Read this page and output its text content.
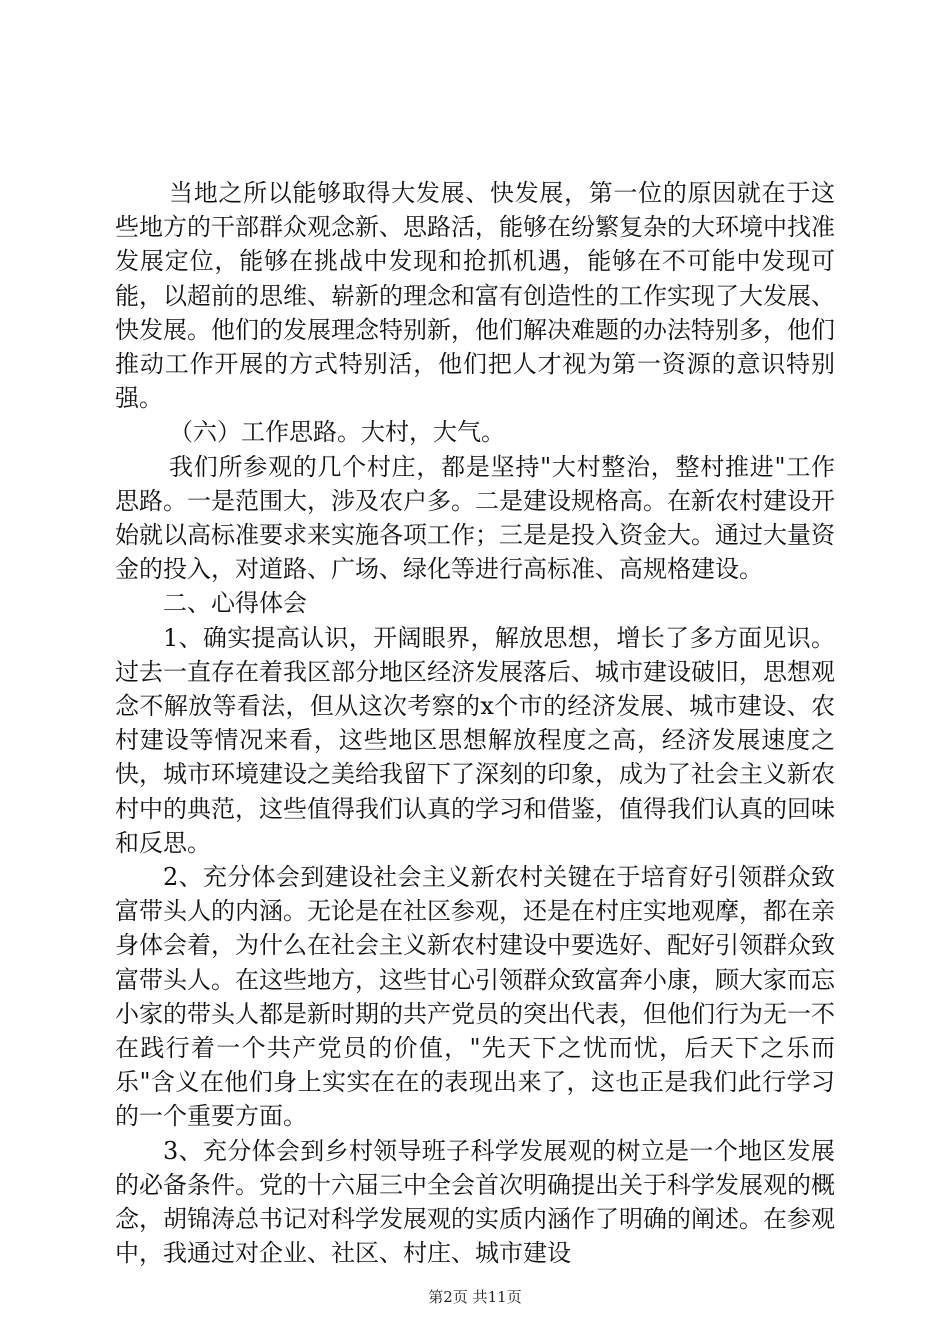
当地之所以能够取得大发展、快发展，第一位的原因就在于这些地方的干部群众观念新、思路活，能够在纷繁复杂的大环境中找准发展定位，能够在挑战中发现和抢抓机遇，能够在不可能中发现可能，以超前的思维、崭新的理念和富有创造性的工作实现了大发展、快发展。他们的发展理念特别新，他们解决难题的办法特别多，他们推动工作开展的方式特别活，他们把人才视为第一资源的意识特别强。

（六）工作思路。大村，大气。

我们所参观的几个村庄，都是坚持"大村整治，整村推进"工作思路。一是范围大，涉及农户多。二是建设规格高。在新农村建设开始就以高标准要求来实施各项工作；三是是投入资金大。通过大量资金的投入，对道路、广场、绿化等进行高标准、高规格建设。

二、心得体会

1、确实提高认识，开阔眼界，解放思想，增长了多方面见识。过去一直存在着我区部分地区经济发展落后、城市建设破旧，思想观念不解放等看法，但从这次考察的x个市的经济发展、城市建设、农村建设等情况来看，这些地区思想解放程度之高，经济发展速度之快，城市环境建设之美给我留下了深刻的印象，成为了社会主义新农村中的典范，这些值得我们认真的学习和借鉴，值得我们认真的回味和反思。

2、充分体会到建设社会主义新农村关键在于培育好引领群众致富带头人的内涵。无论是在社区参观，还是在村庄实地观摩，都在亲身体会着，为什么在社会主义新农村建设中要选好、配好引领群众致富带头人。在这些地方，这些甘心引领群众致富奔小康，顾大家而忘小家的带头人都是新时期的共产党员的突出代表，但他们行为无一不在践行着一个共产党员的价值，"先天下之忧而忧，后天下之乐而乐"含义在他们身上实实在在的表现出来了，这也正是我们此行学习的一个重要方面。

3、充分体会到乡村领导班子科学发展观的树立是一个地区发展的必备条件。党的十六届三中全会首次明确提出关于科学发展观的概念，胡锦涛总书记对科学发展观的实质内涵作了明确的阐述。在参观中，我通过对企业、社区、村庄、城市建设

第2页 共11页
